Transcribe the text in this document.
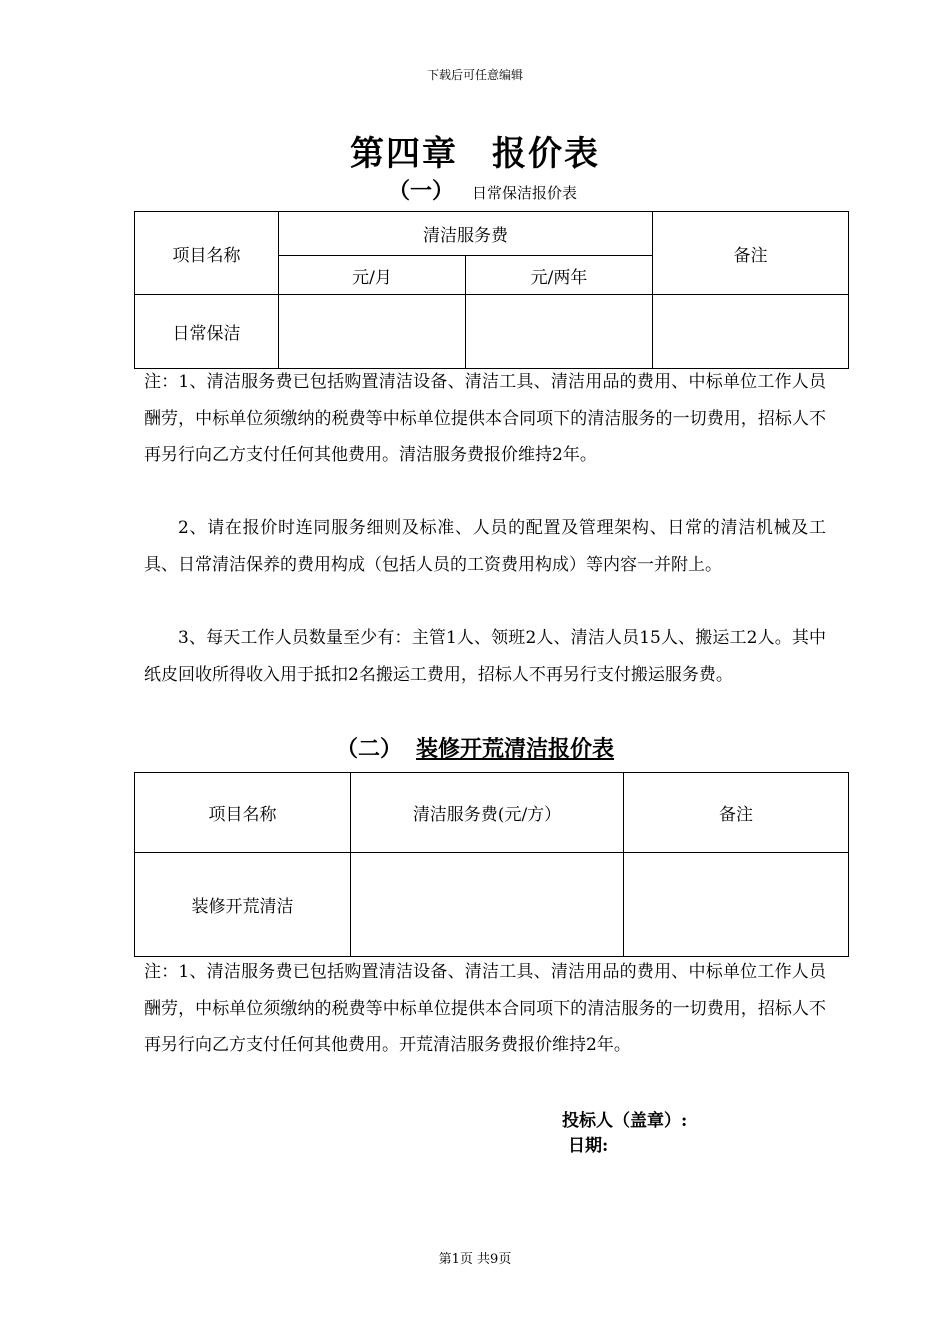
下载后可任意编辑
第四章 报价表
（一） 日常保洁报价表
项目名称	清洁服务费		备注
	元/月	元/两年	
日常保洁			
注：1、清洁服务费已包括购置清洁设备、清洁工具、清洁用品的费用、中标单位工作人员酬劳，中标单位须缴纳的税费等中标单位提供本合同项下的清洁服务的一切费用，招标人不再另行向乙方支付任何其他费用。清洁服务费报价维持2年。
2、请在报价时连同服务细则及标准、人员的配置及管理架构、日常的清洁机械及工具、日常清洁保养的费用构成（包括人员的工资费用构成）等内容一并附上。
3、每天工作人员数量至少有：主管1人、领班2人、清洁人员15人、搬运工2人。其中纸皮回收所得收入用于抵扣2名搬运工费用，招标人不再另行支付搬运服务费。
（二） 装修开荒清洁报价表
项目名称	清洁服务费(元/方）	备注
装修开荒清洁		
注：1、清洁服务费已包括购置清洁设备、清洁工具、清洁用品的费用、中标单位工作人员酬劳，中标单位须缴纳的税费等中标单位提供本合同项下的清洁服务的一切费用，招标人不再另行向乙方支付任何其他费用。开荒清洁服务费报价维持2年。
投标人（盖章）:
日期:
第1页 共9页
